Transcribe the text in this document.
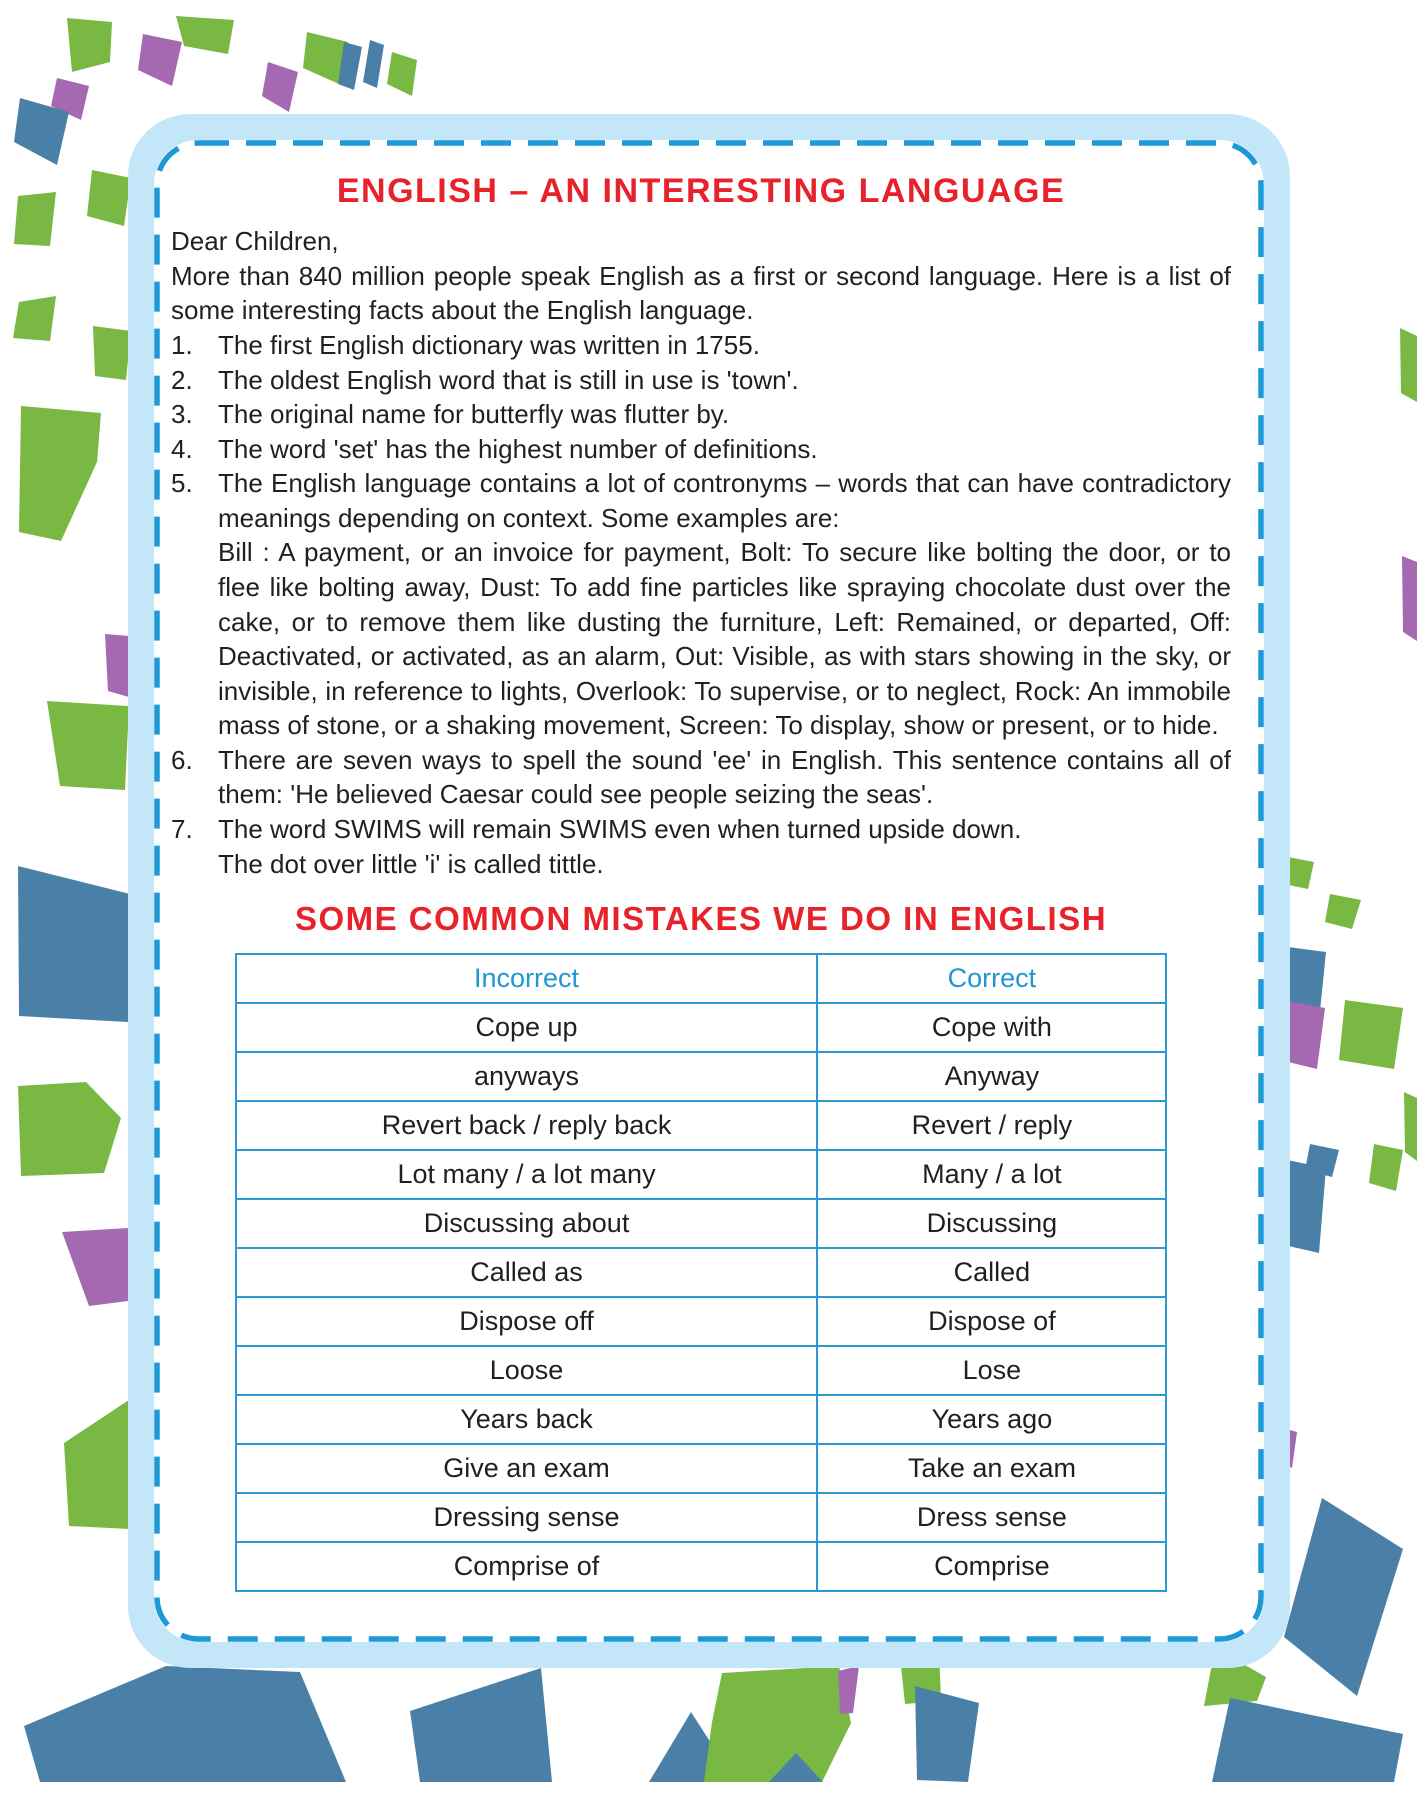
ENGLISH – AN INTERESTING LANGUAGE

Dear Children,

More than 840 million people speak English as a first or second language. Here is a list of some interesting facts about the English language.

1. The first English dictionary was written in 1755.
2. The oldest English word that is still in use is 'town'.
3. The original name for butterfly was flutter by.
4. The word 'set' has the highest number of definitions.
5. The English language contains a lot of contronyms – words that can have contradictory meanings depending on context. Some examples are:
Bill : A payment, or an invoice for payment, Bolt: To secure like bolting the door, or to flee like bolting away, Dust: To add fine particles like spraying chocolate dust over the cake, or to remove them like dusting the furniture, Left: Remained, or departed, Off: Deactivated, or activated, as an alarm, Out: Visible, as with stars showing in the sky, or invisible, in reference to lights, Overlook: To supervise, or to neglect, Rock: An immobile mass of stone, or a shaking movement, Screen: To display, show or present, or to hide.
6. There are seven ways to spell the sound 'ee' in English. This sentence contains all of them: 'He believed Caesar could see people seizing the seas'.
7. The word SWIMS will remain SWIMS even when turned upside down.
The dot over little 'i' is called tittle.
SOME COMMON MISTAKES WE DO IN ENGLISH
Incorrect	Correct
Cope up	Cope with
anyways	Anyway
Revert back / reply back	Revert / reply
Lot many / a lot many	Many / a lot
Discussing about	Discussing
Called as	Called
Dispose off	Dispose of
Loose	Lose
Years back	Years ago
Give an exam	Take an exam
Dressing sense	Dress sense
Comprise of	Comprise
